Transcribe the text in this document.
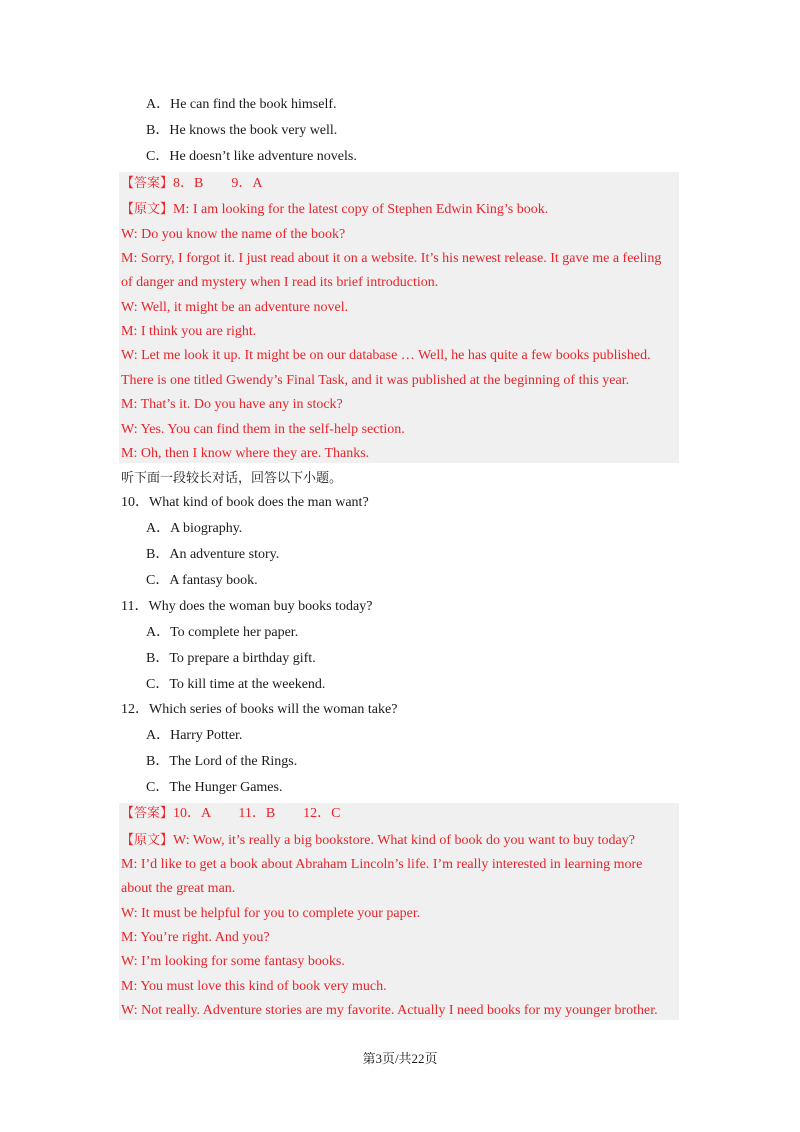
A．He can find the book himself.
B．He knows the book very well.
C．He doesn’t like adventure novels.
【答案】8．B　　9．A
【原文】M: I am looking for the latest copy of Stephen Edwin King’s book.
W: Do you know the name of the book?
M: Sorry, I forgot it. I just read about it on a website. It’s his newest release. It gave me a feeling
of danger and mystery when I read its brief introduction.
W: Well, it might be an adventure novel.
M: I think you are right.
W: Let me look it up. It might be on our database … Well, he has quite a few books published.
There is one titled Gwendy’s Final Task, and it was published at the beginning of this year.
M: That’s it. Do you have any in stock?
W: Yes. You can find them in the self-help section.
M: Oh, then I know where they are. Thanks.
听下面一段较长对话，回答以下小题。
10．What kind of book does the man want?
A．A biography.
B．An adventure story.
C．A fantasy book.
11．Why does the woman buy books today?
A．To complete her paper.
B．To prepare a birthday gift.
C．To kill time at the weekend.
12．Which series of books will the woman take?
A．Harry Potter.
B．The Lord of the Rings.
C．The Hunger Games.
【答案】10．A　　11．B　　12．C
【原文】W: Wow, it’s really a big bookstore. What kind of book do you want to buy today?
M: I’d like to get a book about Abraham Lincoln’s life. I’m really interested in learning more
about the great man.
W: It must be helpful for you to complete your paper.
M: You’re right. And you?
W: I’m looking for some fantasy books.
M: You must love this kind of book very much.
W: Not really. Adventure stories are my favorite. Actually I need books for my younger brother.
第3页/共22页
